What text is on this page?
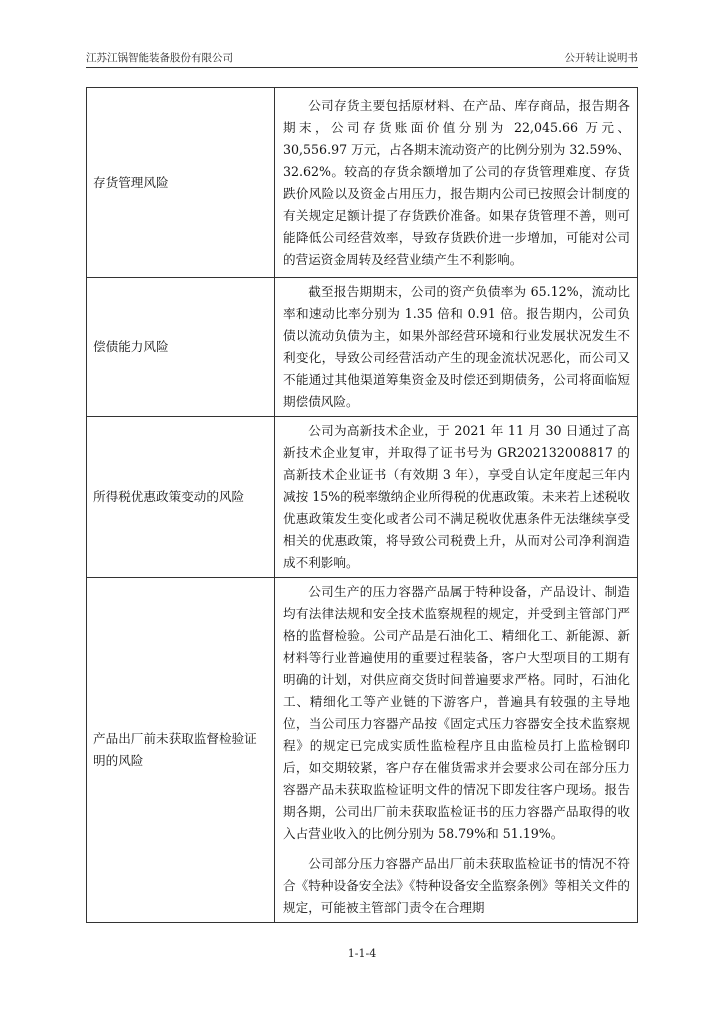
江苏江锅智能装备股份有限公司	公开转让说明书
存货管理风险	公司存货主要包括原材料、在产品、库存商品，报告期各期末，公司存货账面价值分别为 22,045.66 万元、30,556.97 万元，占各期末流动资产的比例分别为 32.59%、32.62%。较高的存货余额增加了公司的存货管理难度、存货跌价风险以及资金占用压力，报告期内公司已按照会计制度的有关规定足额计提了存货跌价准备。如果存货管理不善，则可能降低公司经营效率，导致存货跌价进一步增加，可能对公司的营运资金周转及经营业绩产生不利影响。

偿债能力风险	截至报告期期末，公司的资产负债率为 65.12%，流动比率和速动比率分别为 1.35 倍和 0.91 倍。报告期内，公司负债以流动负债为主，如果外部经营环境和行业发展状况发生不利变化，导致公司经营活动产生的现金流状况恶化，而公司又不能通过其他渠道筹集资金及时偿还到期债务，公司将面临短期偿债风险。

所得税优惠政策变动的风险	公司为高新技术企业，于 2021 年 11 月 30 日通过了高新技术企业复审，并取得了证书号为 GR202132008817 的高新技术企业证书（有效期 3 年），享受自认定年度起三年内减按 15%的税率缴纳企业所得税的优惠政策。未来若上述税收优惠政策发生变化或者公司不满足税收优惠条件无法继续享受相关的优惠政策，将导致公司税费上升，从而对公司净利润造成不利影响。

产品出厂前未获取监督检验证明的风险	公司生产的压力容器产品属于特种设备，产品设计、制造均有法律法规和安全技术监察规程的规定，并受到主管部门严格的监督检验。公司产品是石油化工、精细化工、新能源、新材料等行业普遍使用的重要过程装备，客户大型项目的工期有明确的计划，对供应商交货时间普遍要求严格。同时，石油化工、精细化工等产业链的下游客户，普遍具有较强的主导地位，当公司压力容器产品按《固定式压力容器安全技术监察规程》的规定已完成实质性监检程序且由监检员打上监检钢印后，如交期较紧，客户存在催货需求并会要求公司在部分压力容器产品未获取监检证明文件的情况下即发往客户现场。报告期各期，公司出厂前未获取监检证书的压力容器产品取得的收入占营业收入的比例分别为 58.79%和 51.19%。

公司部分压力容器产品出厂前未获取监检证书的情况不符合《特种设备安全法》《特种设备安全监察条例》等相关文件的规定，可能被主管部门责令在合理期

1-1-4
